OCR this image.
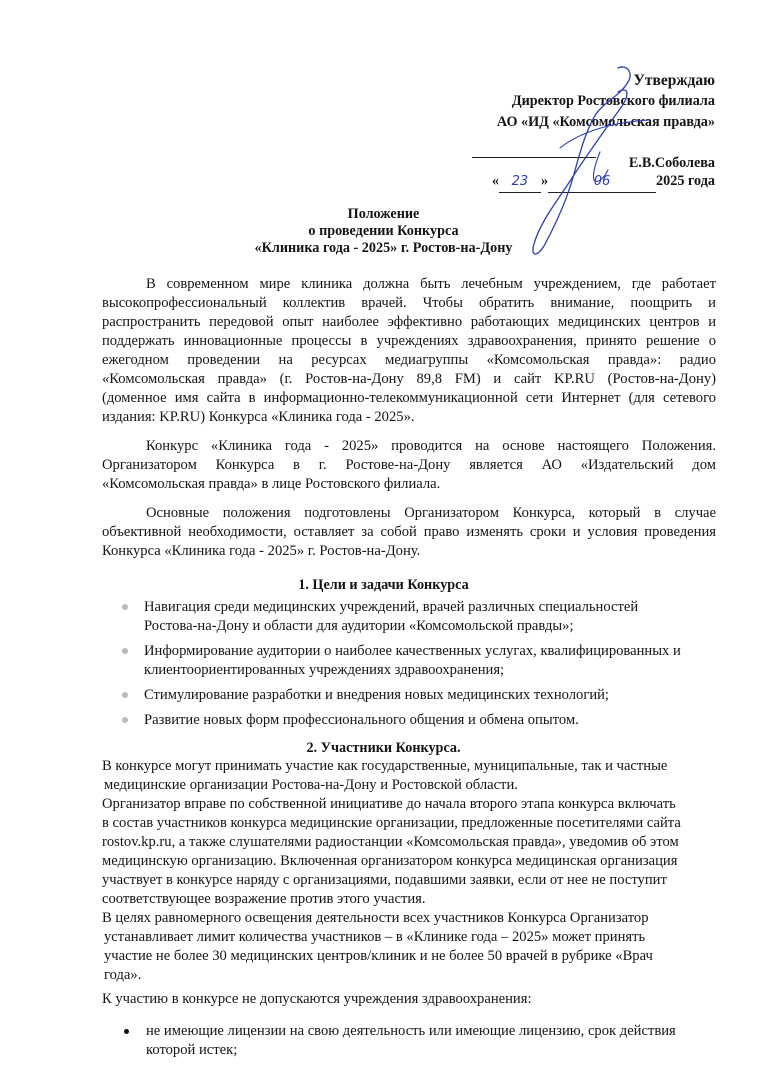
Утверждаю
Директор Ростовского филиала
АО «ИД «Комсомольская правда»
Е.В.Соболева
« 23 »	06	2025 года
Положение
о проведении Конкурса
«Клиника года - 2025» г. Ростов-на-Дону
В современном мире клиника должна быть лечебным учреждением, где работает
высокопрофессиональный коллектив врачей. Чтобы обратить внимание, поощрить и
распространить передовой опыт наиболее эффективно работающих медицинских центров и
поддержать инновационные процессы в учреждениях здравоохранения, принято решение о
ежегодном проведении на ресурсах медиагруппы «Комсомольская правда»: радио
«Комсомольская правда» (г. Ростов-на-Дону 89,8 FM) и сайт KP.RU (Ростов-на-Дону)
(доменное имя сайта в информационно-телекоммуникационной сети Интернет (для сетевого
издания: KP.RU) Конкурса «Клиника года - 2025».
Конкурс «Клиника года - 2025» проводится на основе настоящего Положения.
Организатором Конкурса в г. Ростове-на-Дону является АО «Издательский дом
«Комсомольская правда» в лице Ростовского филиала.
Основные положения подготовлены Организатором Конкурса, который в случае
объективной необходимости, оставляет за собой право изменять сроки и условия проведения
Конкурса «Клиника года - 2025» г. Ростов-на-Дону.
1. Цели и задачи Конкурса
Навигация среди медицинских учреждений, врачей различных специальностей
Ростова-на-Дону и области для аудитории «Комсомольской правды»;
Информирование аудитории о наиболее качественных услугах, квалифицированных и
клиентоориентированных учреждениях здравоохранения;
Стимулирование разработки и внедрения новых медицинских технологий;
Развитие новых форм профессионального общения и обмена опытом.
2. Участники Конкурса.
В конкурсе могут принимать участие как государственные, муниципальные, так и частные
медицинские организации Ростова-на-Дону и Ростовской области.
Организатор вправе по собственной инициативе до начала второго этапа конкурса включать
в состав участников конкурса медицинские организации, предложенные посетителями сайта
rostov.kp.ru, а также слушателями радиостанции «Комсомольская правда», уведомив об этом
медицинскую организацию. Включенная организатором конкурса медицинская организация
участвует в конкурсе наряду с организациями, подавшими заявки, если от нее не поступит
соответствующее возражение против этого участия.
В целях равномерного освещения деятельности всех участников Конкурса Организатор
устанавливает лимит количества участников – в «Клинике года – 2025» может принять
участие не более 30 медицинских центров/клиник и не более 50 врачей в рубрике «Врач
года».
К участию в конкурсе не допускаются учреждения здравоохранения:
не имеющие лицензии на свою деятельность или имеющие лицензию, срок действия
которой истек;
